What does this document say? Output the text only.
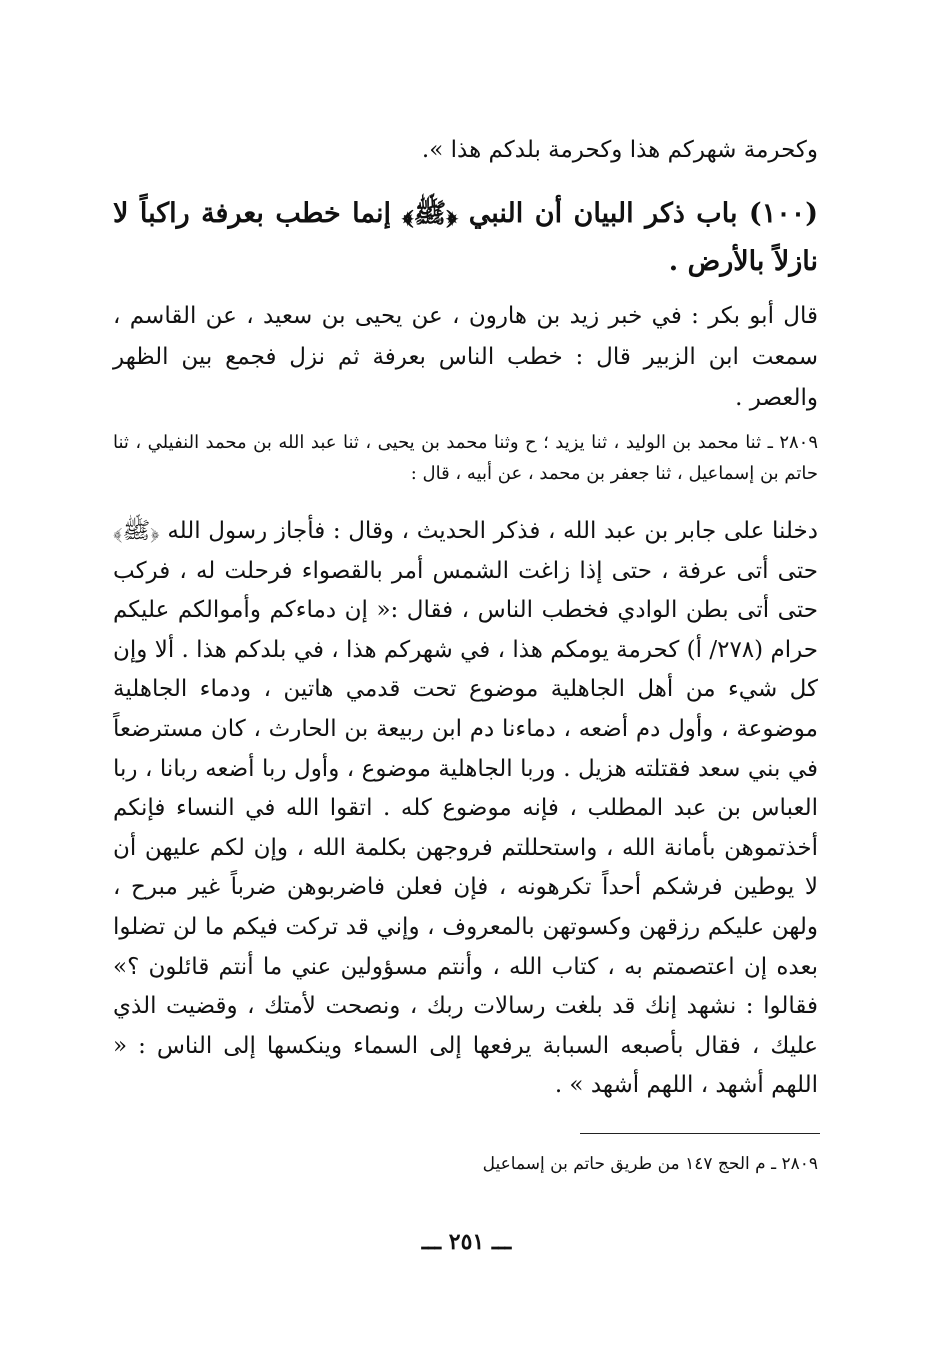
وكحرمة شهركم هذا وكحرمة بلدكم هذا ».

(١٠٠) باب ذكر البيان أن النبي ﴿ﷺ﴾ إنما خطب بعرفة راكباً لا نازلاً بالأرض .

قال أبو بكر : في خبر زيد بن هارون ، عن يحيى بن سعيد ، عن القاسم ، سمعت ابن الزبير قال : خطب الناس بعرفة ثم نزل فجمع بين الظهر والعصر .

٢٨٠٩ ـ ثنا محمد بن الوليد ، ثنا يزيد ؛ ح وثنا محمد بن يحيى ، ثنا عبد الله بن محمد النفيلي ، ثنا حاتم بن إسماعيل ، ثنا جعفر بن محمد ، عن أبيه ، قال :

دخلنا على جابر بن عبد الله ، فذكر الحديث ، وقال : فأجاز رسول الله ﴿ﷺ﴾ حتى أتى عرفة ، حتى إذا زاغت الشمس أمر بالقصواء فرحلت له ، فركب حتى أتى بطن الوادي فخطب الناس ، فقال :« إن دماءكم وأموالكم عليكم حرام (٢٧٨/ أ) كحرمة يومكم هذا ، في شهركم هذا ، في بلدكم هذا . ألا وإن كل شيء من أهل الجاهلية موضوع تحت قدمي هاتين ، ودماء الجاهلية موضوعة ، وأول دم أضعه ، دماءنا دم ابن ربيعة بن الحارث ، كان مسترضعاً في بني سعد فقتلته هزيل . وربا الجاهلية موضوع ، وأول ربا أضعه ربانا ، ربا العباس بن عبد المطلب ، فإنه موضوع كله . اتقوا الله في النساء فإنكم أخذتموهن بأمانة الله ، واستحللتم فروجهن بكلمة الله ، وإن لكم عليهن أن لا يوطين فرشكم أحداً تكرهونه ، فإن فعلن فاضربوهن ضرباً غير مبرح ، ولهن عليكم رزقهن وكسوتهن بالمعروف ، وإني قد تركت فيكم ما لن تضلوا بعده إن اعتصمتم به ، كتاب الله ، وأنتم مسؤولين عني ما أنتم قائلون ؟» فقالوا : نشهد إنك قد بلغت رسالات ربك ، ونصحت لأمتك ، وقضيت الذي عليك ، فقال بأصبعه السبابة يرفعها إلى السماء وينكسها إلى الناس : « اللهم أشهد ، اللهم أشهد » .

٢٨٠٩ ـ م الحج ١٤٧ من طريق حاتم بن إسماعيل

ـــ ٢٥١ ـــ
